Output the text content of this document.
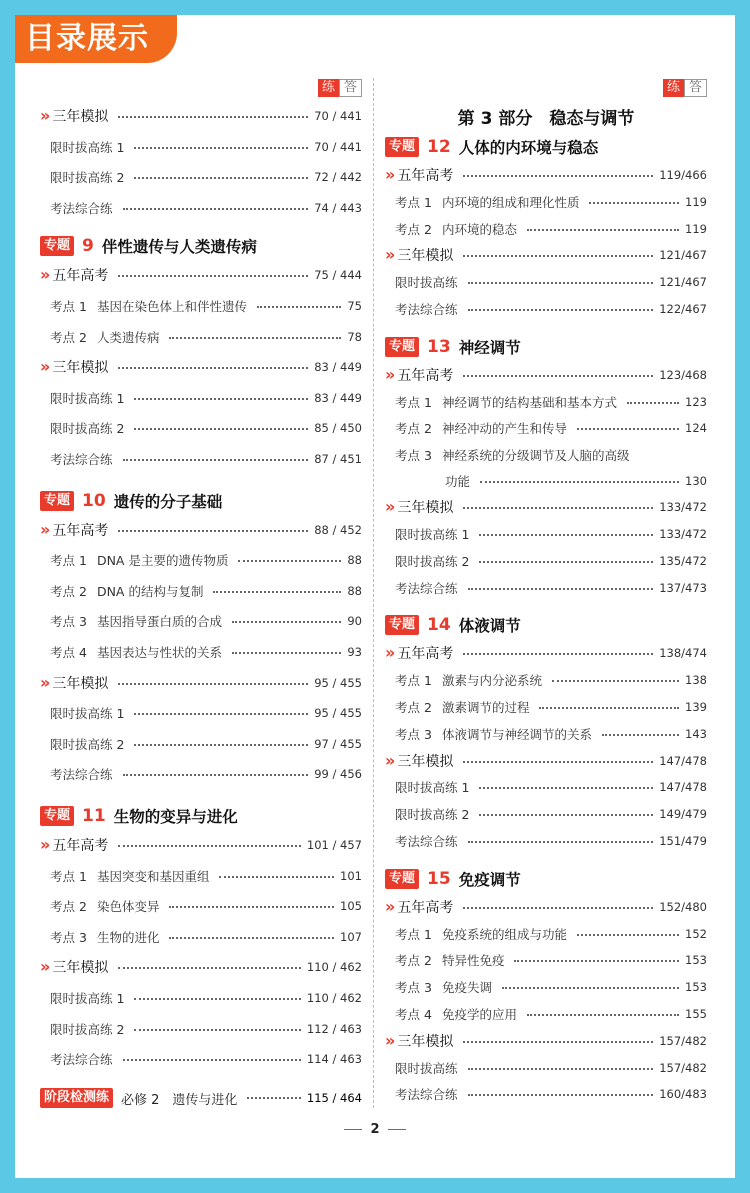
目录展示
练 答
» 三年模拟	70 / 441
限时拔高练 1	70 / 441
限时拔高练 2	72 / 442
考法综合练	74 / 443
专题 9 伴性遗传与人类遗传病
» 五年高考	75 / 444
考点 1 基因在染色体上和伴性遗传	75
考点 2 人类遗传病	78
» 三年模拟	83 / 449
限时拔高练 1	83 / 449
限时拔高练 2	85 / 450
考法综合练	87 / 451
专题 10 遗传的分子基础
» 五年高考	88 / 452
考点 1 DNA 是主要的遗传物质	88
考点 2 DNA 的结构与复制	88
考点 3 基因指导蛋白质的合成	90
考点 4 基因表达与性状的关系	93
» 三年模拟	95 / 455
限时拔高练 1	95 / 455
限时拔高练 2	97 / 455
考法综合练	99 / 456
专题 11 生物的变异与进化
» 五年高考	101 / 457
考点 1 基因突变和基因重组	101
考点 2 染色体变异	105
考点 3 生物的进化	107
» 三年模拟	110 / 462
限时拔高练 1	110 / 462
限时拔高练 2	112 / 463
考法综合练	114 / 463
阶段检测练 必修 2　遗传与进化	115 / 464
练 答
第 3 部分　稳态与调节
专题 12 人体的内环境与稳态
» 五年高考	119/466
考点 1 内环境的组成和理化性质	119
考点 2 内环境的稳态	119
» 三年模拟	121/467
限时拔高练	121/467
考法综合练	122/467
专题 13 神经调节
» 五年高考	123/468
考点 1 神经调节的结构基础和基本方式	123
考点 2 神经冲动的产生和传导	124
考点 3 神经系统的分级调节及人脑的高级
功能	130
» 三年模拟	133/472
限时拔高练 1	133/472
限时拔高练 2	135/472
考法综合练	137/473
专题 14 体液调节
» 五年高考	138/474
考点 1 激素与内分泌系统	138
考点 2 激素调节的过程	139
考点 3 体液调节与神经调节的关系	143
» 三年模拟	147/478
限时拔高练 1	147/478
限时拔高练 2	149/479
考法综合练	151/479
专题 15 免疫调节
» 五年高考	152/480
考点 1 免疫系统的组成与功能	152
考点 2 特异性免疫	153
考点 3 免疫失调	153
考点 4 免疫学的应用	155
» 三年模拟	157/482
限时拔高练	157/482
考法综合练	160/483
2
